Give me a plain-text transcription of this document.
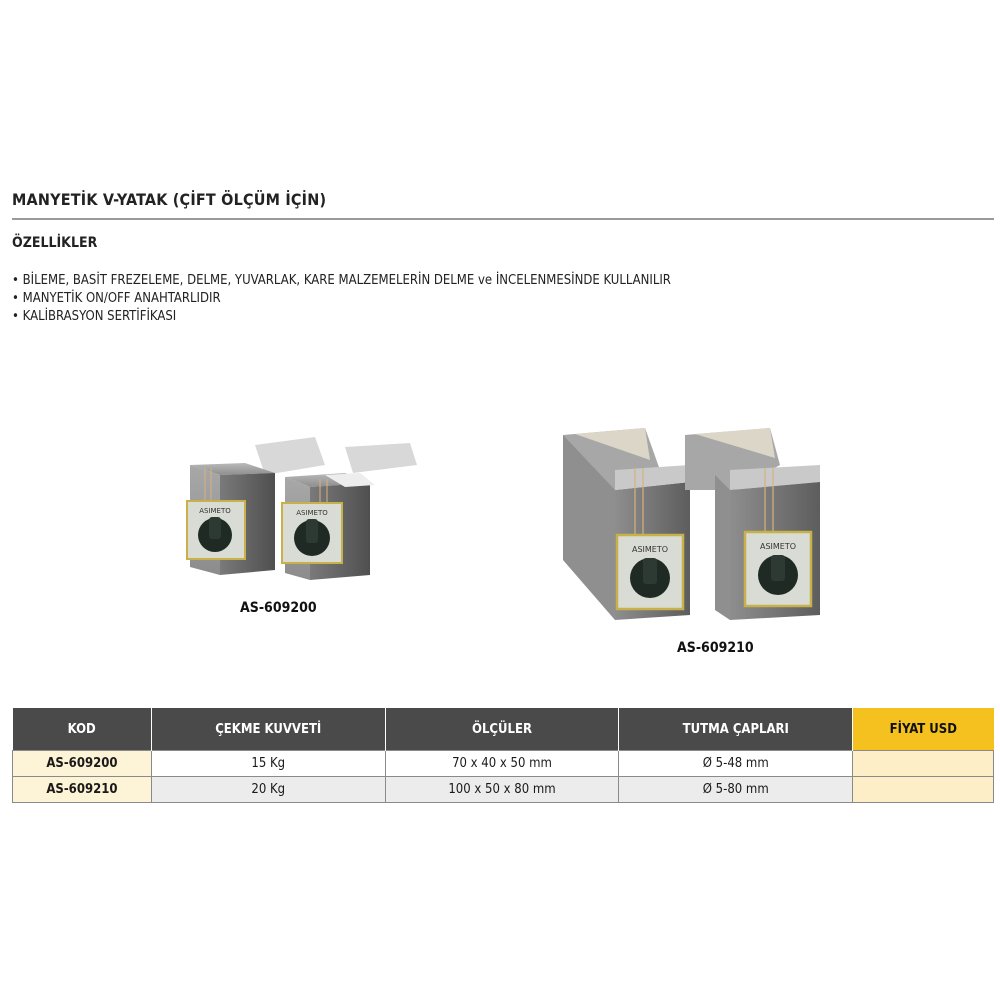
MANYETİK V-YATAK (ÇİFT ÖLÇÜM İÇİN)
ÖZELLİKLER
• BİLEME, BASİT FREZELEME, DELME, YUVARLAK, KARE MALZEMELERİN DELME ve İNCELENMESİNDE KULLANILIR
• MANYETİK ON/OFF ANAHTARLIDIR
• KALİBRASYON SERTİFİKASI
ASIMETO	ASIMETO
AS-609200
ASIMETO	ASIMETO
AS-609210
KOD	ÇEKME KUVVETİ	ÖLÇÜLER	TUTMA ÇAPLARI	FİYAT USD
AS-609200	15 Kg	70 x 40 x 50 mm	Ø 5-48 mm	
AS-609210	20 Kg	100 x 50 x 80 mm	Ø 5-80 mm	
